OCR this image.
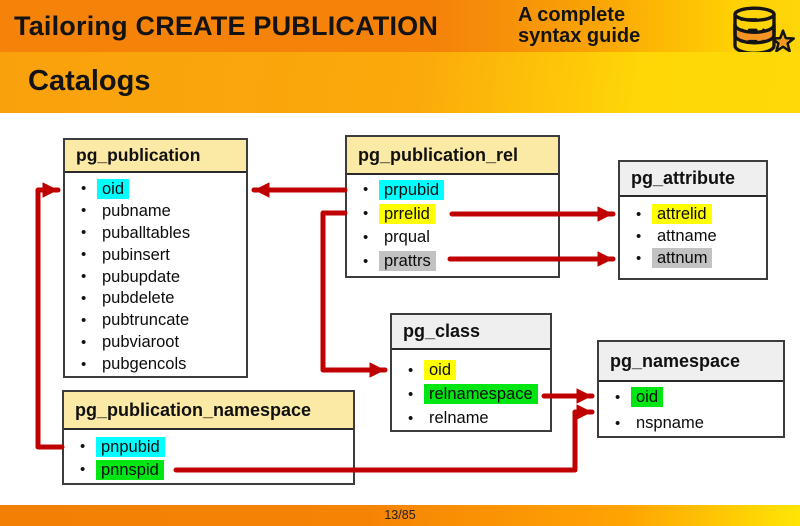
Tailoring CREATE PUBLICATION	A complete
syntax guide
Catalogs
pg_publication
• oid
• pubname
• puballtables
• pubinsert
• pubupdate
• pubdelete
• pubtruncate
• pubviaroot
• pubgencols
pg_publication_rel
• prpubid
• prrelid
• prqual
• prattrs
pg_attribute
• attrelid
• attname
• attnum
pg_class
• oid
• relnamespace
• relname
pg_namespace
• oid
• nspname
pg_publication_namespace
• pnpubid
• pnnspid
13/85
